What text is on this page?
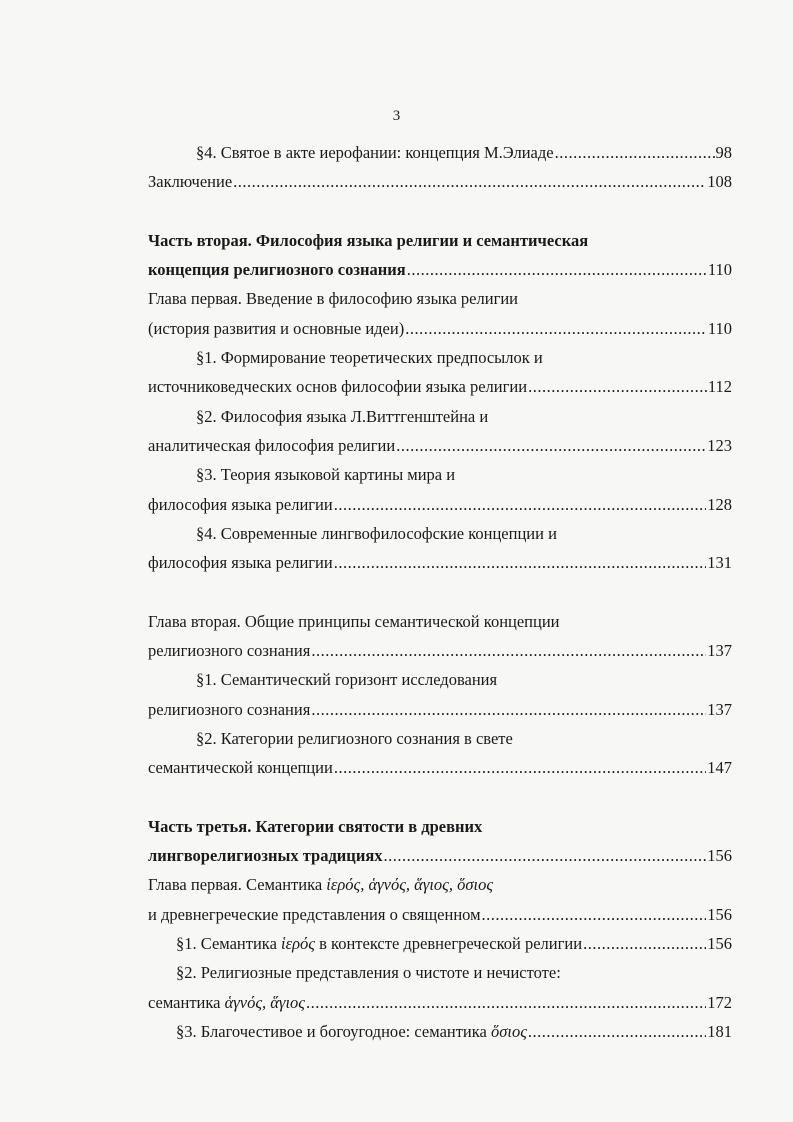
3
§4. Святое в акте иерофании: концепция М.Элиаде .....	98
Заключение .....	108
Часть вторая. Философия языка религии и семантическая
концепция религиозного сознания .....	110
Глава первая. Введение в философию языка религии
(история развития и основные идеи) .....	110
§1. Формирование теоретических предпосылок и
источниковедческих основ философии языка религии .....	112
§2. Философия языка Л.Виттгенштейна и
аналитическая философия религии .....	123
§3. Теория языковой картины мира и
философия языка религии .....	128
§4. Современные лингвофилософские концепции и
философия языка религии .....	131
Глава вторая. Общие принципы семантической концепции
религиозного сознания .....	137
§1. Семантический горизонт исследования
религиозного сознания .....	137
§2. Категории религиозного сознания в свете
семантической концепции .....	147
Часть третья. Категории святости в древних
лингворелигиозных традициях .....	156
Глава первая. Семантика ἱερός, ἁγνός, ἅγιος, ὅσιος
и древнегреческие представления о священном .....	156
§1. Семантика ἱερός в контексте древнегреческой религии .....	156
§2. Религиозные представления о чистоте и нечистоте:
семантика ἁγνός, ἅγιος .....	172
§3. Благочестивое и богоугодное: семантика ὅσιος .....	181
